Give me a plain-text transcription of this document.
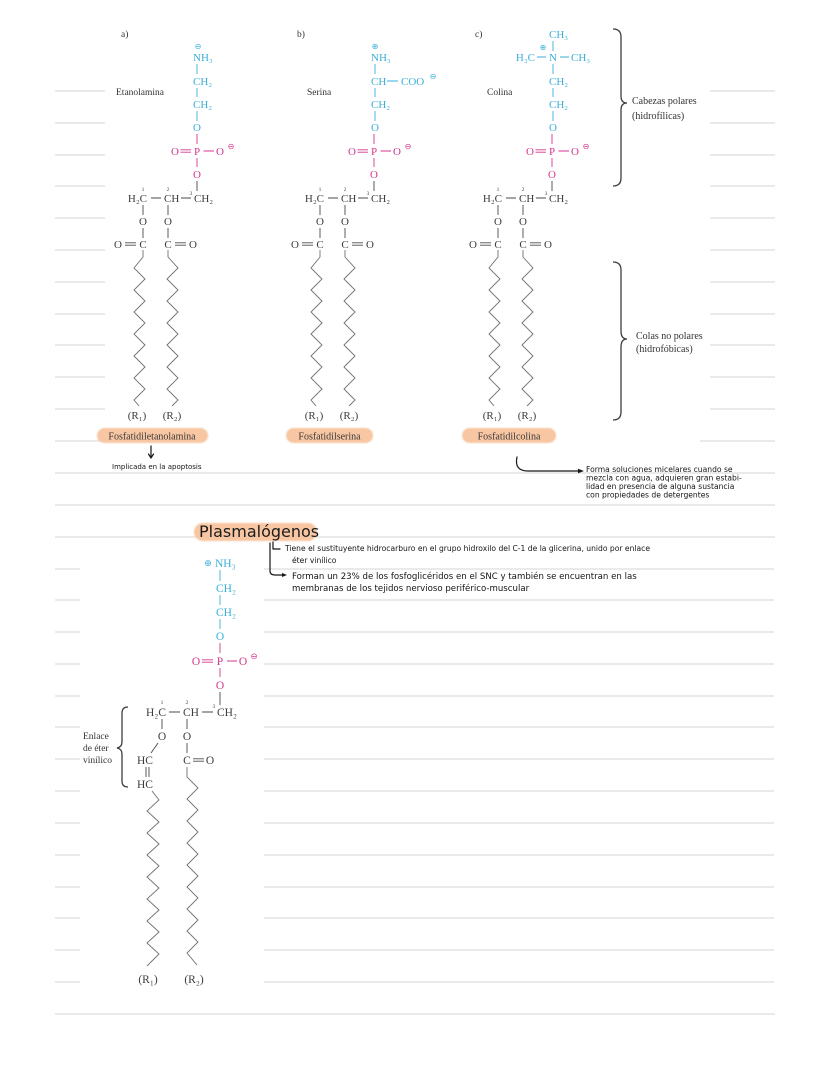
a)
Etanolamina
⊖
NH₃
CH₂
CH₂
O
O P O ⊖
O
H₂C CH CH₂
1	2
3
O O
O C C O
(R₁) (R₂)
Fosfatidiletanolamina
b)
Serina
⊕
NH₃
CH COO ⊖
CH₂
O
O P O ⊖
O
H₂C CH CH₂
1	2
3
O O
O C C O
(R₁) (R₂)
Fosfatidilserina
c)
Colina
CH₃
⊕
H₃C N CH₃
CH₂
CH₂
O
O P O ⊖
O
H₂C CH CH₂
1	2
3
O O
O C C O
(R₁) (R₂)
Fosfatidilcolina
Cabezas polares
(hidrofílicas)
Colas no polares
(hidrofóbicas)
Implicada en la apoptosis	Forma soluciones micelares cuando se
mezcla con agua, adquieren gran estabi-
lidad en presencia de alguna sustancia
con propiedades de detergentes
Plasmalógenos
Tiene el sustituyente hidrocarburo en el grupo hidroxilo del C-1 de la glicerina, unido por enlace
éter vinílico
Forman un 23% de los fosfoglicéridos en el SNC y también se encuentran en las
membranas de los tejidos nervioso periférico-muscular
⊕ NH₃
CH₂
CH₂
O
O P O ⊖
O
H₂C CH CH₂
1	2
3
O O
HC
HC
C O
(R₁) (R₂)
Enlace
de éter
vinílico
